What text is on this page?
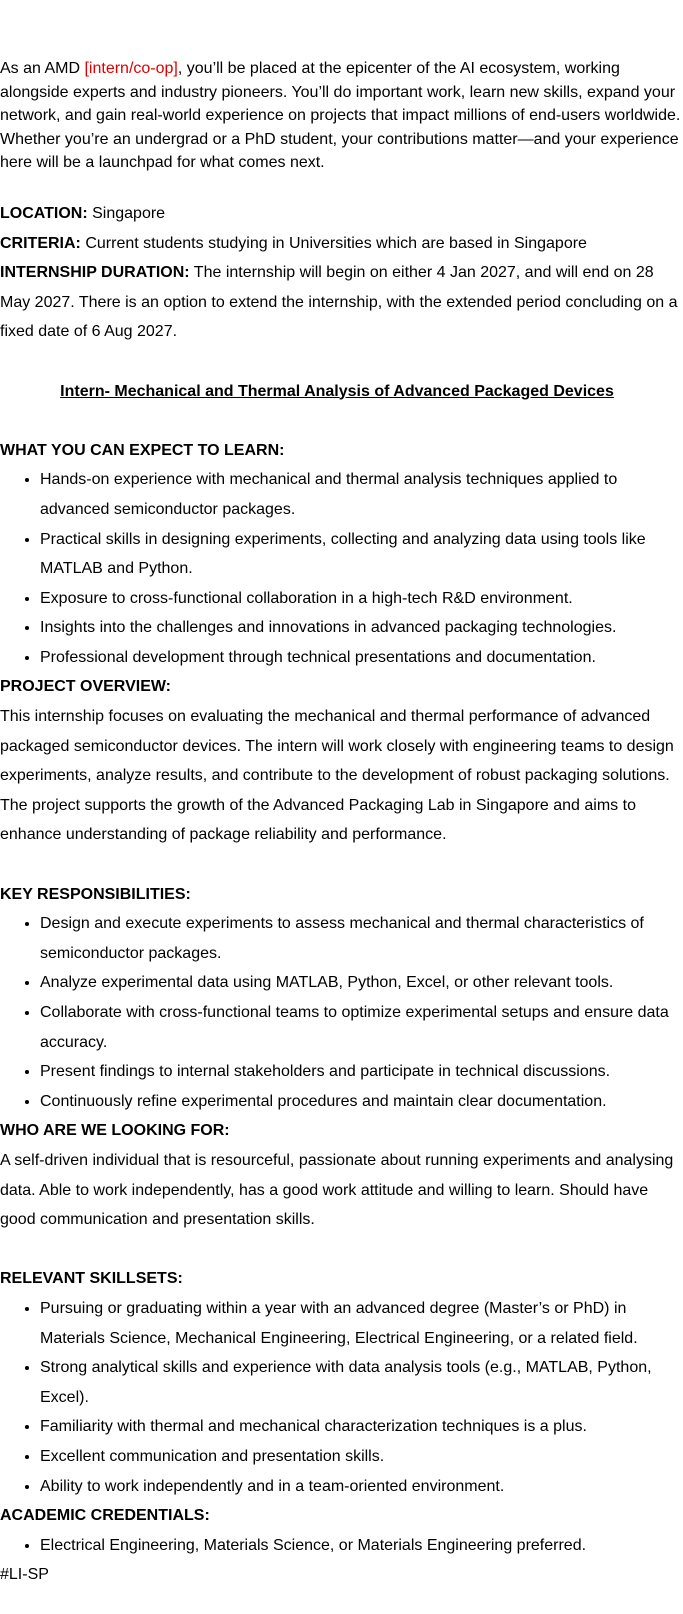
As an AMD [intern/co-op], you’ll be placed at the epicenter of the AI ecosystem, working alongside experts and industry pioneers. You’ll do important work, learn new skills, expand your network, and gain real-world experience on projects that impact millions of end-users worldwide. Whether you’re an undergrad or a PhD student, your contributions matter—and your experience here will be a launchpad for what comes next.

LOCATION: Singapore

CRITERIA: Current students studying in Universities which are based in Singapore

INTERNSHIP DURATION: The internship will begin on either 4 Jan 2027, and will end on 28 May 2027. There is an option to extend the internship, with the extended period concluding on a fixed date of 6 Aug 2027.

Intern- Mechanical and Thermal Analysis of Advanced Packaged Devices

WHAT YOU CAN EXPECT TO LEARN:
• Hands-on experience with mechanical and thermal analysis techniques applied to advanced semiconductor packages.
• Practical skills in designing experiments, collecting and analyzing data using tools like MATLAB and Python.
• Exposure to cross-functional collaboration in a high-tech R&D environment.
• Insights into the challenges and innovations in advanced packaging technologies.
• Professional development through technical presentations and documentation.
PROJECT OVERVIEW:

This internship focuses on evaluating the mechanical and thermal performance of advanced packaged semiconductor devices. The intern will work closely with engineering teams to design experiments, analyze results, and contribute to the development of robust packaging solutions. The project supports the growth of the Advanced Packaging Lab in Singapore and aims to enhance understanding of package reliability and performance.

KEY RESPONSIBILITIES:
• Design and execute experiments to assess mechanical and thermal characteristics of semiconductor packages.
• Analyze experimental data using MATLAB, Python, Excel, or other relevant tools.
• Collaborate with cross-functional teams to optimize experimental setups and ensure data accuracy.
• Present findings to internal stakeholders and participate in technical discussions.
• Continuously refine experimental procedures and maintain clear documentation.
WHO ARE WE LOOKING FOR:

A self-driven individual that is resourceful, passionate about running experiments and analysing data. Able to work independently, has a good work attitude and willing to learn. Should have good communication and presentation skills.

RELEVANT SKILLSETS:
• Pursuing or graduating within a year with an advanced degree (Master’s or PhD) in Materials Science, Mechanical Engineering, Electrical Engineering, or a related field.
• Strong analytical skills and experience with data analysis tools (e.g., MATLAB, Python, Excel).
• Familiarity with thermal and mechanical characterization techniques is a plus.
• Excellent communication and presentation skills.
• Ability to work independently and in a team-oriented environment.
ACADEMIC CREDENTIALS:
• Electrical Engineering, Materials Science, or Materials Engineering preferred.

#LI-SP
